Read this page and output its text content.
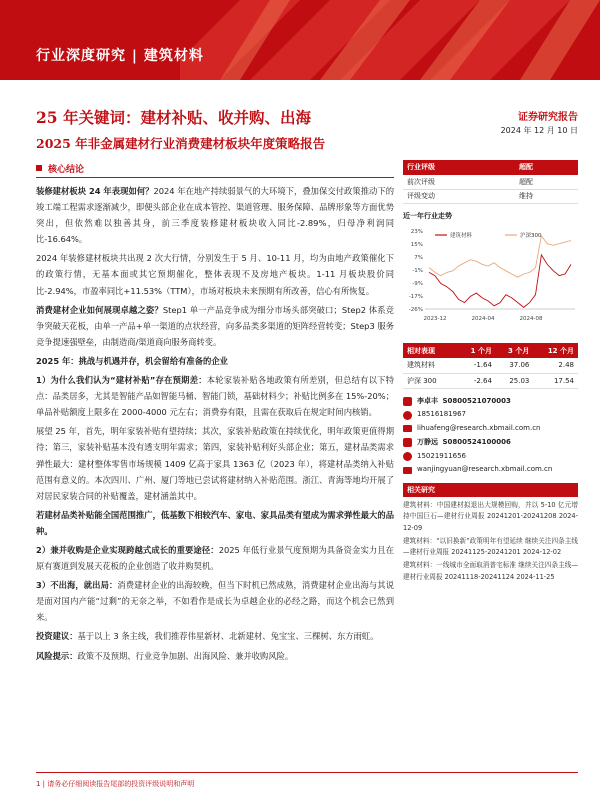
行业深度研究 | 建筑材料
25 年关键词：建材补贴、收并购、出海
2025 年非金属建材行业消费建材板块年度策略报告
证券研究报告
2024 年 12 月 10 日
核心结论

装修建材板块 24 年表现如何？2024 年在地产持续弱景气的大环境下，叠加保交付政策推动下的竣工端工程需求逐渐减少，即便头部企业在成本管控、渠道管理、服务保障、品牌形象等方面优势突出，但依然难以独善其身，前三季度装修建材板块收入同比-2.89%，归母净利润同比-16.64%。

2024 年装修建材板块共出现 2 次大行情，分别发生于 5 月、10-11 月，均为由地产政策催化下的政策行情，无基本面或其它预期催化，整体表现不及房地产板块。1-11 月板块股价同比-2.94%，市盈率同比+11.53%（TTM），市场对板块未来预期有所改善，信心有所恢复。

消费建材企业如何展现卓越之姿？Step1 单一产品竞争成为细分市场头部突破口；Step2 体系竞争突破天花板，由单一产品+单一渠道的点状经营，向多品类多渠道的矩阵经营转变；Step3 服务竞争提速强壁垒，由制造商/渠道商向服务商转变。

2025 年：挑战与机遇并存，机会留给有准备的企业

1）为什么我们认为“建材补贴”存在预期差：本轮家装补贴各地政策有所差别，但总结有以下特点：品类居多，尤其是智能产品如智能马桶、智能门锁，基础材料少；补贴比例多在 15%-20%；单品补贴额度上限多在 2000-4000 元左右；消费券有限，且需在获取后在规定时间内核销。

展望 25 年，首先，明年家装补贴有望持续；其次，家装补贴政策在持续优化，明年政策更值得期待；第三，家装补贴基本没有透支明年需求；第四，家装补贴利好头部企业；第五，建材品类需求弹性最大：建材整体零售市场规模 1409 亿高于家具 1363 亿（2023 年），将建材品类纳入补贴范围有意义的。本次四川、广州、厦门等地已尝试将建材纳入补贴范围。浙江、青海等地均开展了对居民家装合同的补贴覆盖，建材涵盖其中。

若建材品类补贴能全国范围推广，低基数下相较汽车、家电、家具品类有望成为需求弹性最大的品种。

2）兼并收购是企业实现跨越式成长的重要途径：2025 年低行业景气度预期为具备资金实力且在原有赛道到发展天花板的企业创造了收并购契机。

3）不出海，就出局：消费建材企业的出海较晚，但当下时机已然成熟，消费建材企业出海与其说是面对国内产能“过剩”的无奈之举，不如看作是成长为卓越企业的必经之路，而这个机会已然到来。

投资建议：基于以上 3 条主线，我们推荐伟星新材、北新建材、兔宝宝、三棵树、东方雨虹。

风险提示：政策不及预期、行业竞争加剧、出海风险、兼并收购风险。

行业评级	超配
前次评级	超配
评级变动	维持
近一年行业走势
23%
15%
7%
-1%
-9%
-17%
-26%
2023-12	2024-04	2024-08
建筑材料	沪深300
相对表现	1 个月	3 个月	12 个月
建筑材料	-1.64	37.06	2.48
沪深 300	-2.64	25.03	17.54
李卓丰
S0800521070003
18516181967
lihuafeng@research.xbmail.com.cn
万静远
S0800524100006
15021911656
wanjingyuan@research.xbmail.com.cn
相关研究
建筑材料：中国建材拟退出大规模回购，并以 5-10 亿元增持中国巨石—建材行业周报 20241201-20241208 2024-12-09
建筑材料：“以旧换新”政策明年有望延续 继续关注四条主线—建材行业周报 20241125-20241201 2024-12-02
建筑材料：一线城市全面取消普宅标准 继续关注四条主线—建材行业周报 20241118-20241124 2024-11-25
1 | 请务必仔细阅读报告尾部的投资评级说明和声明
